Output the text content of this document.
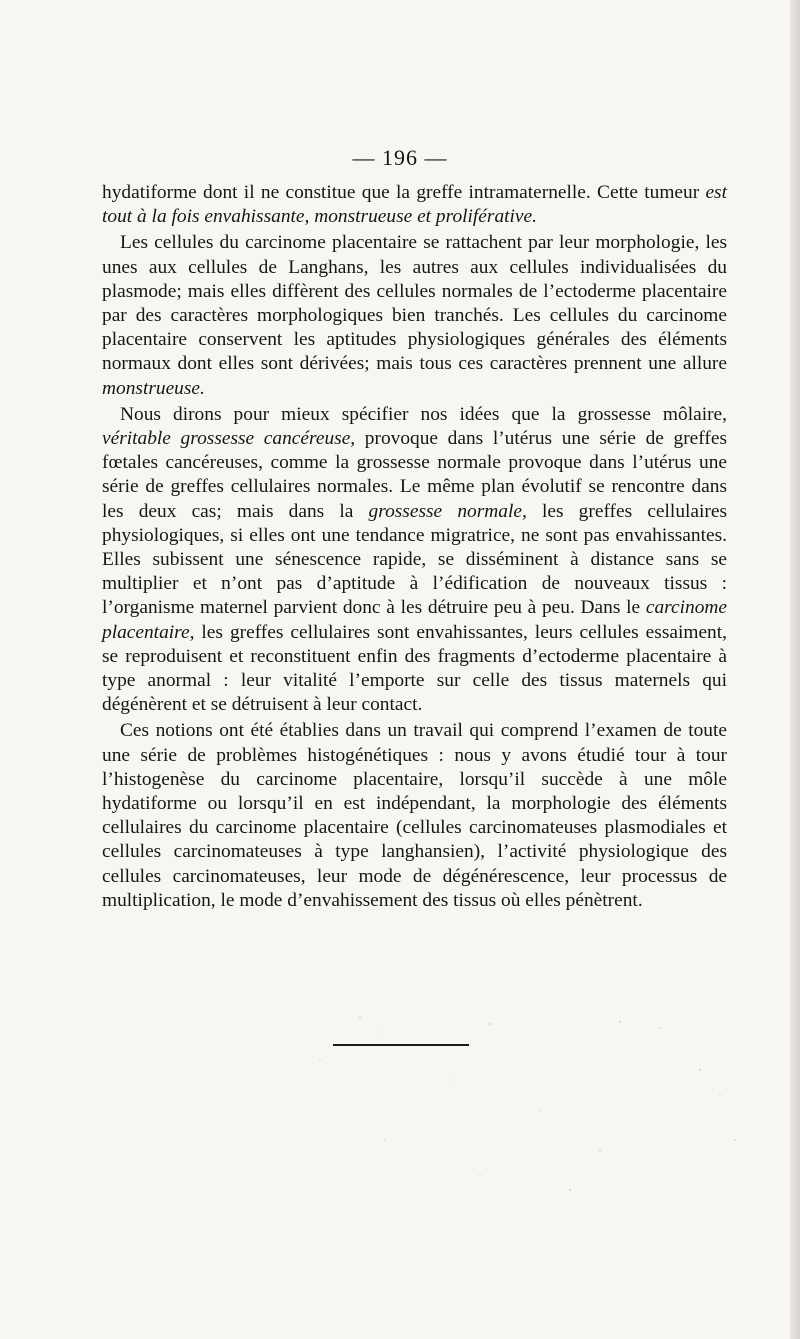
— 196 —

hydatiforme dont il ne constitue que la greffe intramaternelle. Cette tumeur est tout à la fois envahissante, monstrueuse et proliférative.

Les cellules du carcinome placentaire se rattachent par leur morphologie, les unes aux cellules de Langhans, les autres aux cellules individualisées du plasmode; mais elles diffèrent des cellules normales de l’ectoderme placentaire par des caractères morphologiques bien tranchés. Les cellules du carcinome placentaire conservent les aptitudes physiologiques générales des éléments normaux dont elles sont dérivées; mais tous ces caractères prennent une allure monstrueuse.

Nous dirons pour mieux spécifier nos idées que la grossesse môlaire, véritable grossesse cancéreuse, provoque dans l’utérus une série de greffes fœtales cancéreuses, comme la grossesse normale provoque dans l’utérus une série de greffes cellulaires normales. Le même plan évolutif se rencontre dans les deux cas; mais dans la grossesse normale, les greffes cellulaires physiologiques, si elles ont une tendance migratrice, ne sont pas envahissantes. Elles subissent une sénescence rapide, se disséminent à distance sans se multiplier et n’ont pas d’aptitude à l’édification de nouveaux tissus : l’organisme maternel parvient donc à les détruire peu à peu. Dans le carcinome placentaire, les greffes cellulaires sont envahissantes, leurs cellules essaiment, se reproduisent et reconstituent enfin des fragments d’ectoderme placentaire à type anormal : leur vitalité l’emporte sur celle des tissus maternels qui dégénèrent et se détruisent à leur contact.

Ces notions ont été établies dans un travail qui comprend l’examen de toute une série de problèmes histogénétiques : nous y avons étudié tour à tour l’histogenèse du carcinome placentaire, lorsqu’il succède à une môle hydatiforme ou lorsqu’il en est indépendant, la morphologie des éléments cellulaires du carcinome placentaire (cellules carcinomateuses plasmodiales et cellules carcinomateuses à type langhansien), l’activité physiologique des cellules carcinomateuses, leur mode de dégénérescence, leur processus de multiplication, le mode d’envahissement des tissus où elles pénètrent.
